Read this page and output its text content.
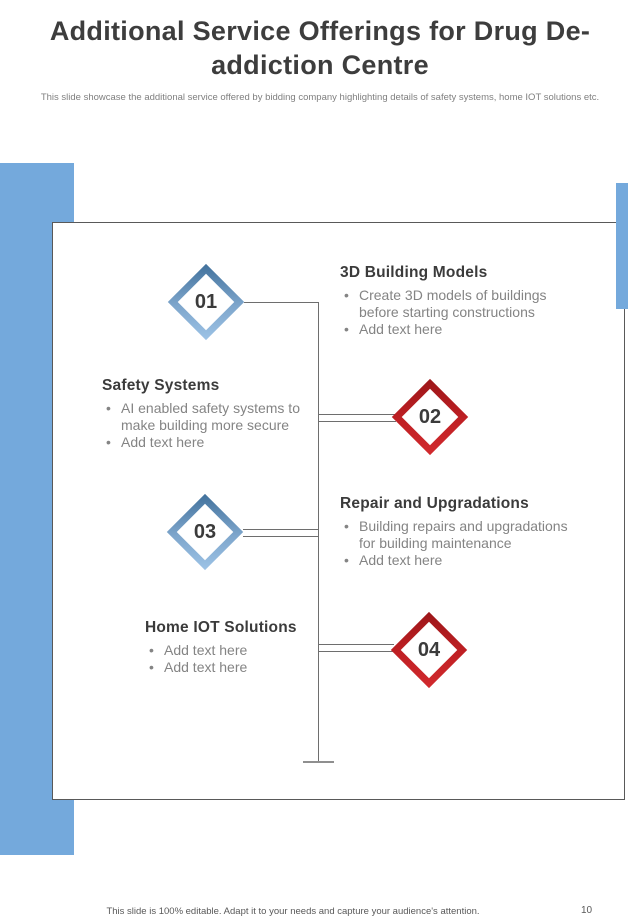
Additional Service Offerings for Drug De-addiction Centre

This slide showcase the additional service offered by bidding company highlighting details of safety systems, home IOT solutions etc.

01
02
03
04
3D Building Models
• Create 3D models of buildings before starting constructions
• Add text here
Safety Systems
• AI enabled safety systems to make building more secure
• Add text here
Repair and Upgradations
• Building repairs and upgradations for building maintenance
• Add text here
Home IOT Solutions
• Add text here
• Add text here
This slide is 100% editable. Adapt it to your needs and capture your audience's attention.	10
